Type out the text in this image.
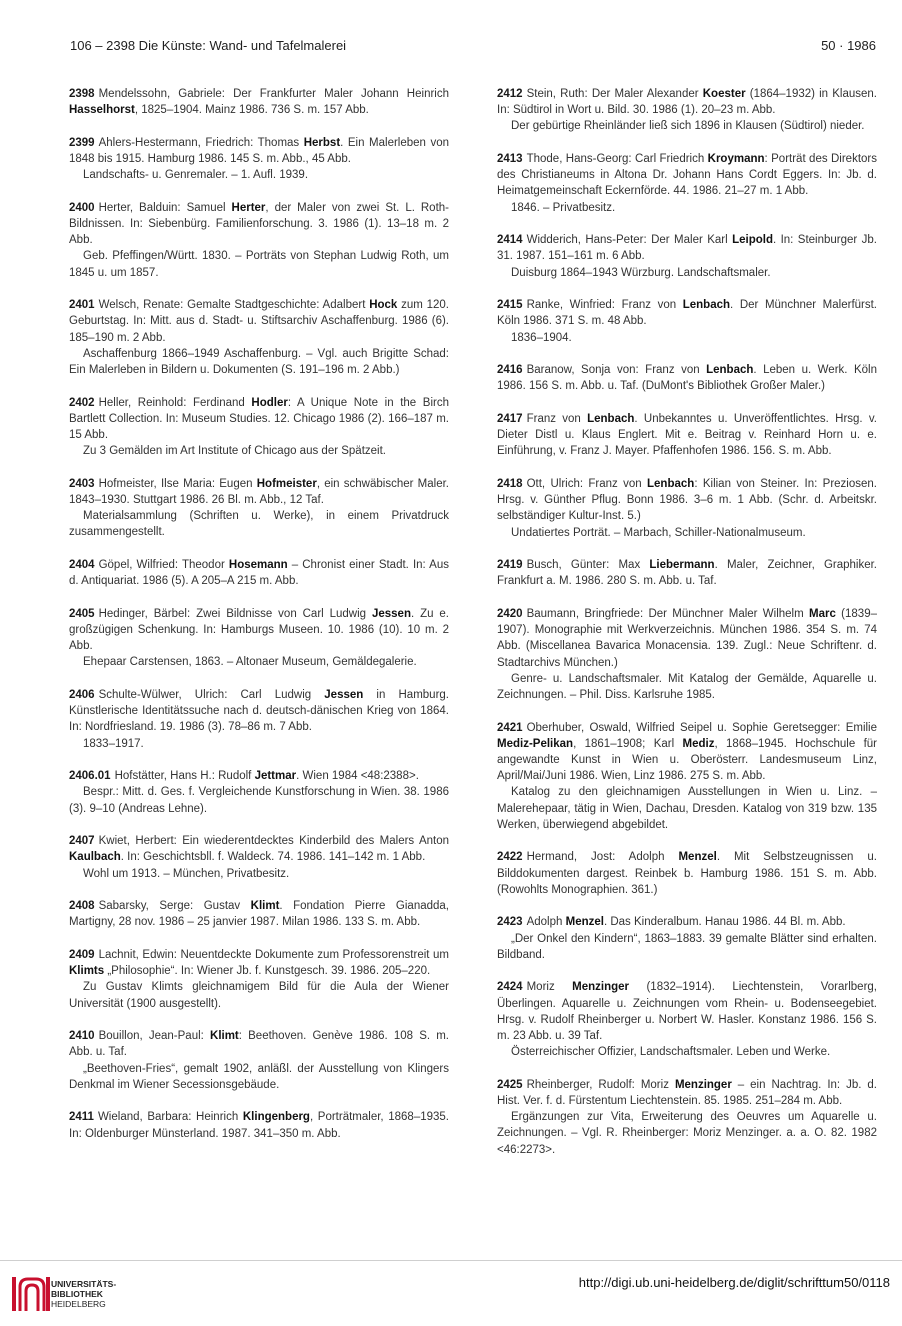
106 – 2398 Die Künste: Wand- und Tafelmalerei	50 · 1986
2398 Mendelssohn, Gabriele: Der Frankfurter Maler Johann Heinrich Hasselhorst, 1825–1904. Mainz 1986. 736 S. m. 157 Abb.
2399 Ahlers-Hestermann, Friedrich: Thomas Herbst. Ein Malerleben von 1848 bis 1915. Hamburg 1986. 145 S. m. Abb., 45 Abb.
Landschafts- u. Genremaler. – 1. Aufl. 1939.
2400 Herter, Balduin: Samuel Herter, der Maler von zwei St. L. Roth-Bildnissen. In: Siebenbürg. Familienforschung. 3. 1986 (1). 13–18 m. 2 Abb.
Geb. Pfeffingen/Württ. 1830. – Porträts von Stephan Ludwig Roth, um 1845 u. um 1857.
2401 Welsch, Renate: Gemalte Stadtgeschichte: Adalbert Hock zum 120. Geburtstag. In: Mitt. aus d. Stadt- u. Stiftsarchiv Aschaffenburg. 1986 (6). 185–190 m. 2 Abb.
Aschaffenburg 1866–1949 Aschaffenburg. – Vgl. auch Brigitte Schad: Ein Malerleben in Bildern u. Dokumenten (S. 191–196 m. 2 Abb.)
2402 Heller, Reinhold: Ferdinand Hodler: A Unique Note in the Birch Bartlett Collection. In: Museum Studies. 12. Chicago 1986 (2). 166–187 m. 15 Abb.
Zu 3 Gemälden im Art Institute of Chicago aus der Spätzeit.
2403 Hofmeister, Ilse Maria: Eugen Hofmeister, ein schwäbischer Maler. 1843–1930. Stuttgart 1986. 26 Bl. m. Abb., 12 Taf.
Materialsammlung (Schriften u. Werke), in einem Privatdruck zusammengestellt.
2404 Göpel, Wilfried: Theodor Hosemann – Chronist einer Stadt. In: Aus d. Antiquariat. 1986 (5). A 205–A 215 m. Abb.
2405 Hedinger, Bärbel: Zwei Bildnisse von Carl Ludwig Jessen. Zu e. großzügigen Schenkung. In: Hamburgs Museen. 10. 1986 (10). 10 m. 2 Abb.
Ehepaar Carstensen, 1863. – Altonaer Museum, Gemäldegalerie.
2406 Schulte-Wülwer, Ulrich: Carl Ludwig Jessen in Hamburg. Künstlerische Identitätssuche nach d. deutsch-dänischen Krieg von 1864. In: Nordfriesland. 19. 1986 (3). 78–86 m. 7 Abb.
1833–1917.
2406.01 Hofstätter, Hans H.: Rudolf Jettmar. Wien 1984 <48:2388>.
Bespr.: Mitt. d. Ges. f. Vergleichende Kunstforschung in Wien. 38. 1986 (3). 9–10 (Andreas Lehne).
2407 Kwiet, Herbert: Ein wiederentdecktes Kinderbild des Malers Anton Kaulbach. In: Geschichtsbll. f. Waldeck. 74. 1986. 141–142 m. 1 Abb.
Wohl um 1913. – München, Privatbesitz.
2408 Sabarsky, Serge: Gustav Klimt. Fondation Pierre Gianadda, Martigny, 28 nov. 1986 – 25 janvier 1987. Milan 1986. 133 S. m. Abb.
2409 Lachnit, Edwin: Neuentdeckte Dokumente zum Professorenstreit um Klimts „Philosophie“. In: Wiener Jb. f. Kunstgesch. 39. 1986. 205–220.
Zu Gustav Klimts gleichnamigem Bild für die Aula der Wiener Universität (1900 ausgestellt).
2410 Bouillon, Jean-Paul: Klimt: Beethoven. Genève 1986. 108 S. m. Abb. u. Taf.
„Beethoven-Fries“, gemalt 1902, anläßl. der Ausstellung von Klingers Denkmal im Wiener Secessionsgebäude.
2411 Wieland, Barbara: Heinrich Klingenberg, Porträtmaler, 1868–1935. In: Oldenburger Münsterland. 1987. 341–350 m. Abb.
2412 Stein, Ruth: Der Maler Alexander Koester (1864–1932) in Klausen. In: Südtirol in Wort u. Bild. 30. 1986 (1). 20–23 m. Abb.
Der gebürtige Rheinländer ließ sich 1896 in Klausen (Südtirol) nieder.
2413 Thode, Hans-Georg: Carl Friedrich Kroymann: Porträt des Direktors des Christianeums in Altona Dr. Johann Hans Cordt Eggers. In: Jb. d. Heimatgemeinschaft Eckernförde. 44. 1986. 21–27 m. 1 Abb.
1846. – Privatbesitz.
2414 Widderich, Hans-Peter: Der Maler Karl Leipold. In: Steinburger Jb. 31. 1987. 151–161 m. 6 Abb.
Duisburg 1864–1943 Würzburg. Landschaftsmaler.
2415 Ranke, Winfried: Franz von Lenbach. Der Münchner Malerfürst. Köln 1986. 371 S. m. 48 Abb.
1836–1904.
2416 Baranow, Sonja von: Franz von Lenbach. Leben u. Werk. Köln 1986. 156 S. m. Abb. u. Taf. (DuMont's Bibliothek Großer Maler.)
2417 Franz von Lenbach. Unbekanntes u. Unveröffentlichtes. Hrsg. v. Dieter Distl u. Klaus Englert. Mit e. Beitrag v. Reinhard Horn u. e. Einführung, v. Franz J. Mayer. Pfaffenhofen 1986. 156. S. m. Abb.
2418 Ott, Ulrich: Franz von Lenbach: Kilian von Steiner. In: Preziosen. Hrsg. v. Günther Pflug. Bonn 1986. 3–6 m. 1 Abb. (Schr. d. Arbeitskr. selbständiger Kultur-Inst. 5.)
Undatiertes Porträt. – Marbach, Schiller-Nationalmuseum.
2419 Busch, Günter: Max Liebermann. Maler, Zeichner, Graphiker. Frankfurt a. M. 1986. 280 S. m. Abb. u. Taf.
2420 Baumann, Bringfriede: Der Münchner Maler Wilhelm Marc (1839–1907). Monographie mit Werkverzeichnis. München 1986. 354 S. m. 74 Abb. (Miscellanea Bavarica Monacensia. 139. Zugl.: Neue Schriftenr. d. Stadtarchivs München.)
Genre- u. Landschaftsmaler. Mit Katalog der Gemälde, Aquarelle u. Zeichnungen. – Phil. Diss. Karlsruhe 1985.
2421 Oberhuber, Oswald, Wilfried Seipel u. Sophie Geretsegger: Emilie Mediz-Pelikan, 1861–1908; Karl Mediz, 1868–1945. Hochschule für angewandte Kunst in Wien u. Oberösterr. Landesmuseum Linz, April/Mai/Juni 1986. Wien, Linz 1986. 275 S. m. Abb.
Katalog zu den gleichnamigen Ausstellungen in Wien u. Linz. – Malerehepaar, tätig in Wien, Dachau, Dresden. Katalog von 319 bzw. 135 Werken, überwiegend abgebildet.
2422 Hermand, Jost: Adolph Menzel. Mit Selbstzeugnissen u. Bilddokumenten dargest. Reinbek b. Hamburg 1986. 151 S. m. Abb. (Rowohlts Monographien. 361.)
2423 Adolph Menzel. Das Kinderalbum. Hanau 1986. 44 Bl. m. Abb.
„Der Onkel den Kindern“, 1863–1883. 39 gemalte Blätter sind erhalten. Bildband.
2424 Moriz Menzinger (1832–1914). Liechtenstein, Vorarlberg, Überlingen. Aquarelle u. Zeichnungen vom Rhein- u. Bodenseegebiet. Hrsg. v. Rudolf Rheinberger u. Norbert W. Hasler. Konstanz 1986. 156 S. m. 23 Abb. u. 39 Taf.
Österreichischer Offizier, Landschaftsmaler. Leben und Werke.
2425 Rheinberger, Rudolf: Moriz Menzinger – ein Nachtrag. In: Jb. d. Hist. Ver. f. d. Fürstentum Liechtenstein. 85. 1985. 251–284 m. Abb.
Ergänzungen zur Vita, Erweiterung des Oeuvres um Aquarelle u. Zeichnungen. – Vgl. R. Rheinberger: Moriz Menzinger. a. a. O. 82. 1982 <46:2273>.
UNIVERSITÄTS-
BIBLIOTHEK
HEIDELBERG
http://digi.ub.uni-heidelberg.de/diglit/schrifttum50/0118
